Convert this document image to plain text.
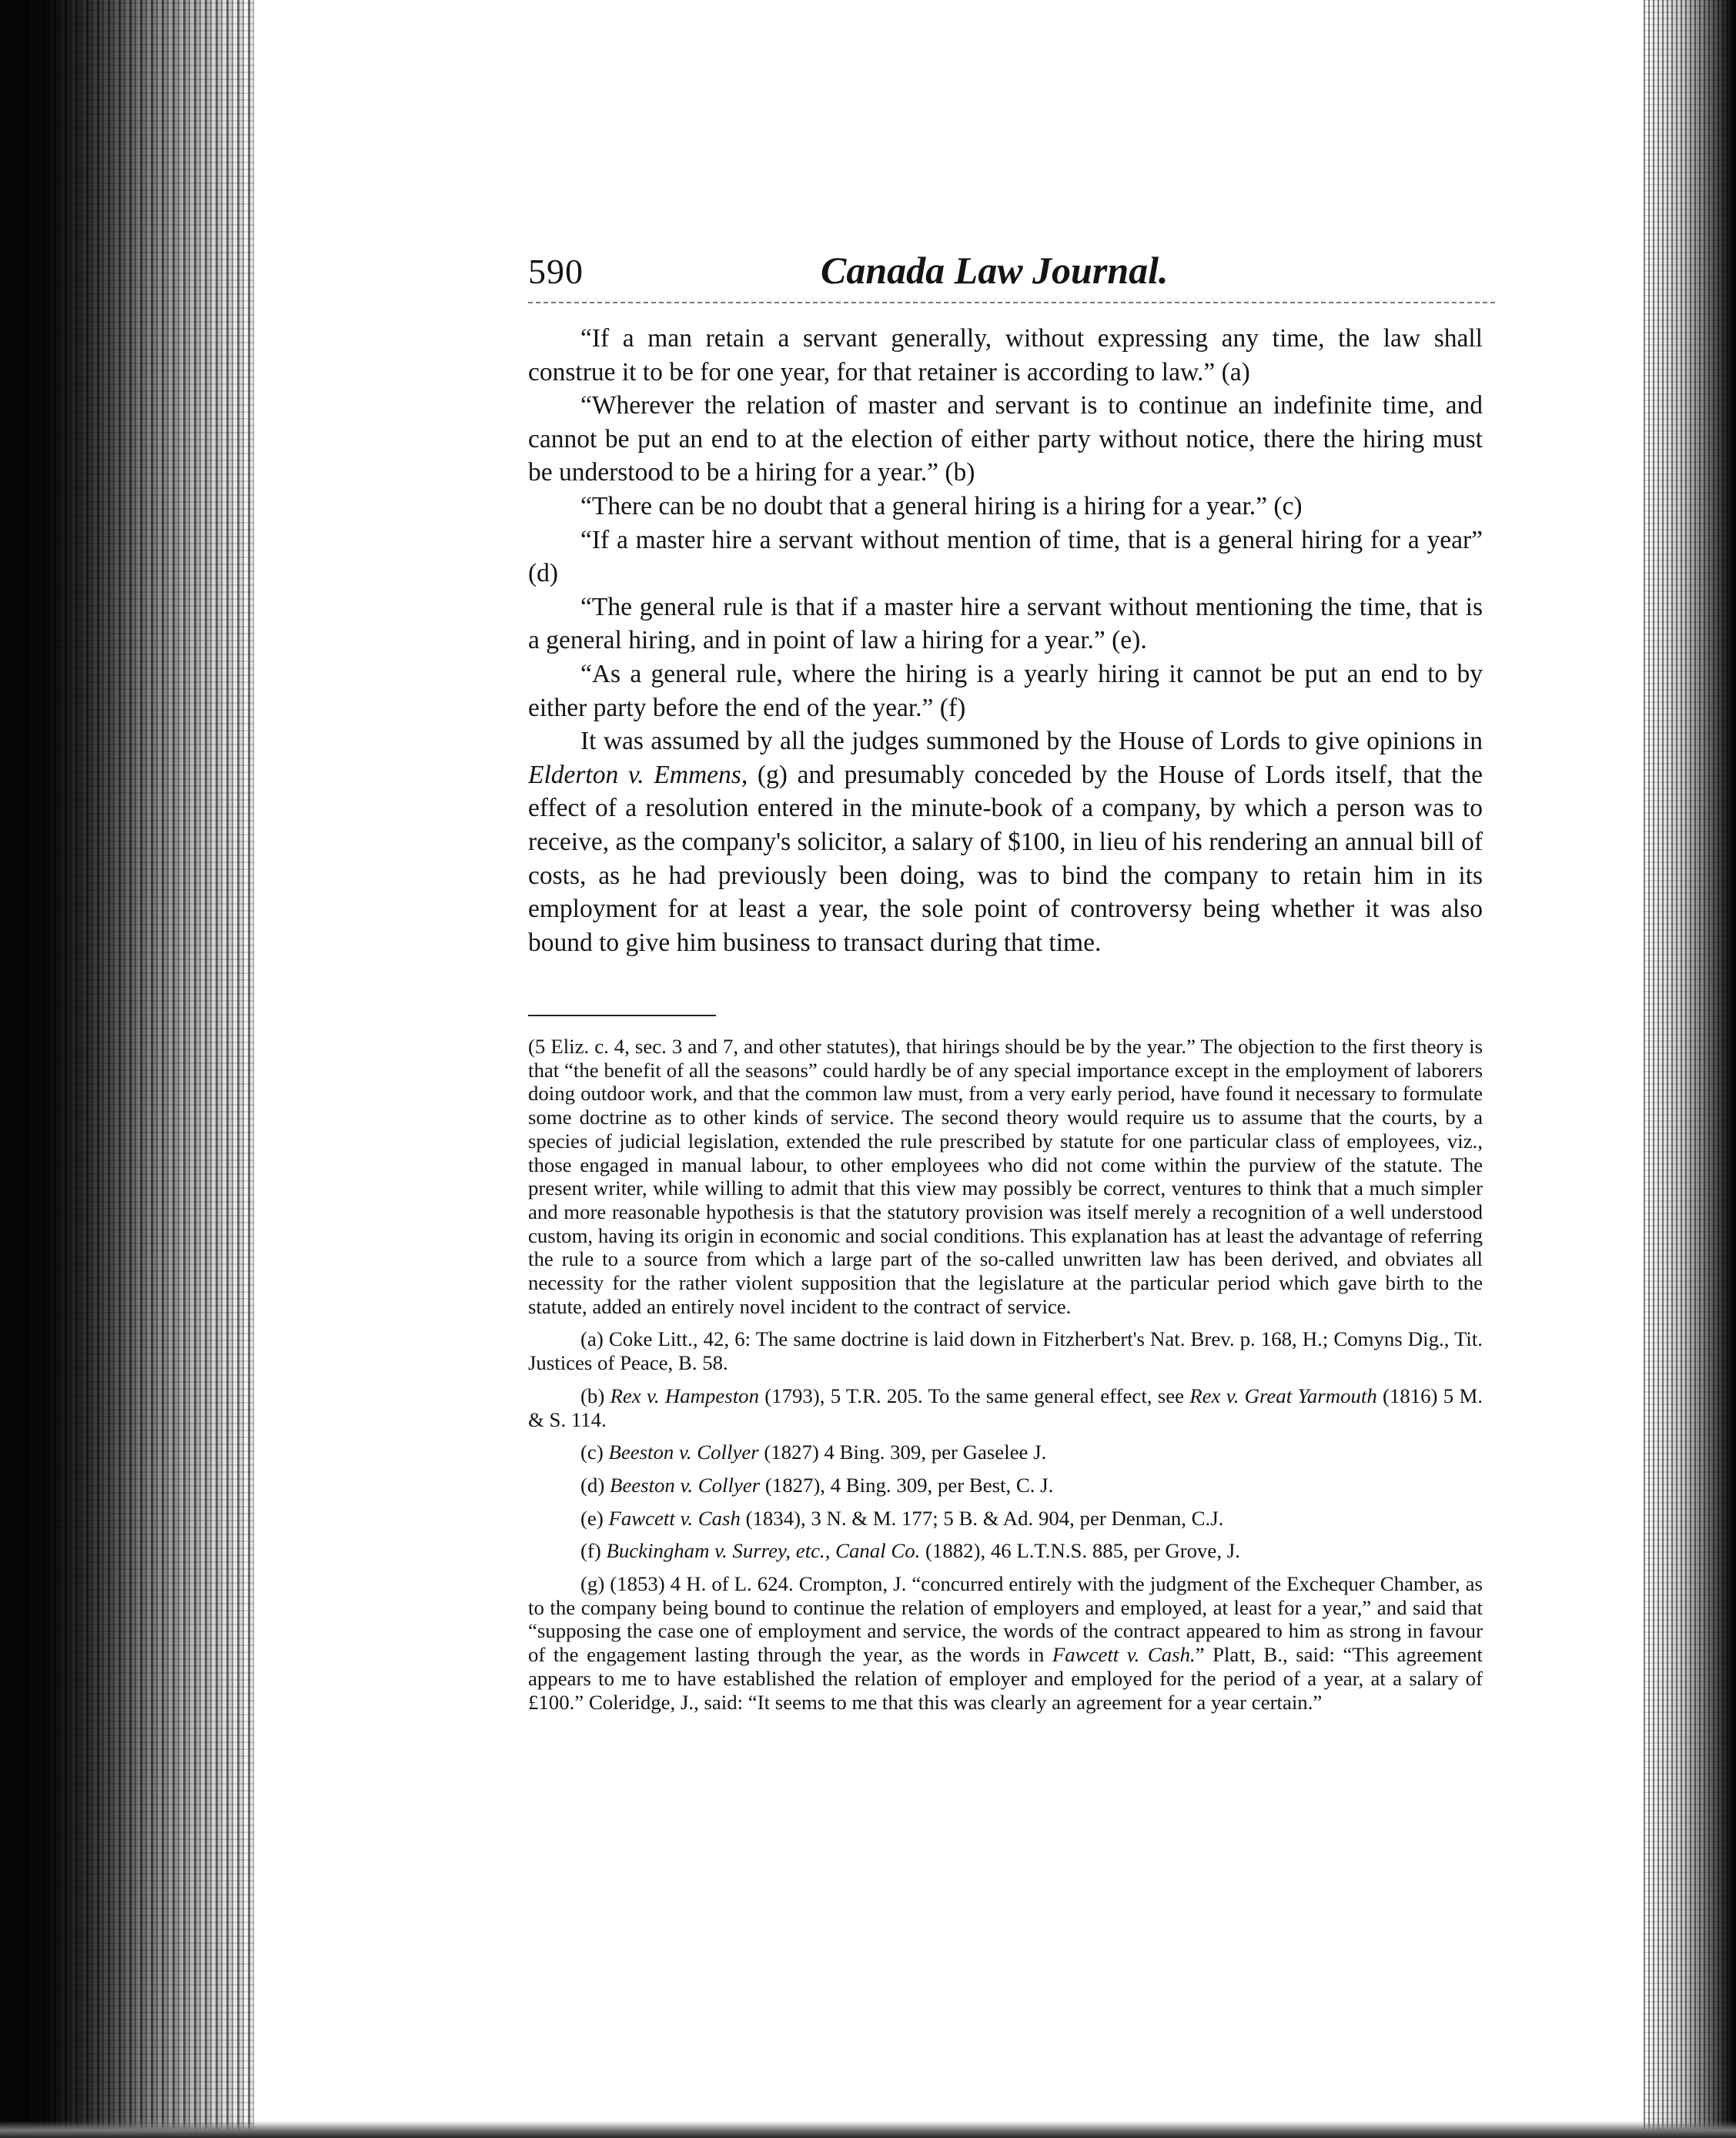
590	Canada Law Journal.

“If a man retain a servant generally, without expressing any time, the law shall construe it to be for one year, for that retainer is according to law.” (a)

“Wherever the relation of master and servant is to continue an indefinite time, and cannot be put an end to at the election of either party without notice, there the hiring must be understood to be a hiring for a year.” (b)

“There can be no doubt that a general hiring is a hiring for a year.” (c)

“If a master hire a servant without mention of time, that is a general hiring for a year” (d)

“The general rule is that if a master hire a servant without mentioning the time, that is a general hiring, and in point of law a hiring for a year.” (e).

“As a general rule, where the hiring is a yearly hiring it cannot be put an end to by either party before the end of the year.” (f)

It was assumed by all the judges summoned by the House of Lords to give opinions in Elderton v. Emmens, (g) and presumably conceded by the House of Lords itself, that the effect of a resolution entered in the minute-book of a company, by which a person was to receive, as the company's solicitor, a salary of $100, in lieu of his rendering an annual bill of costs, as he had previously been doing, was to bind the company to retain him in its employment for at least a year, the sole point of controversy being whether it was also bound to give him business to transact during that time.

(5 Eliz. c. 4, sec. 3 and 7, and other statutes), that hirings should be by the year.” The objection to the first theory is that “the benefit of all the seasons” could hardly be of any special importance except in the employment of laborers doing outdoor work, and that the common law must, from a very early period, have found it necessary to formulate some doctrine as to other kinds of service. The second theory would require us to assume that the courts, by a species of judicial legislation, extended the rule prescribed by statute for one particular class of employees, viz., those engaged in manual labour, to other employees who did not come within the purview of the statute. The present writer, while willing to admit that this view may possibly be correct, ventures to think that a much simpler and more reasonable hypothesis is that the statutory provision was itself merely a recognition of a well understood custom, having its origin in economic and social conditions. This explanation has at least the advantage of referring the rule to a source from which a large part of the so-called unwritten law has been derived, and obviates all necessity for the rather violent supposition that the legislature at the particular period which gave birth to the statute, added an entirely novel incident to the contract of service.

(a) Coke Litt., 42, 6: The same doctrine is laid down in Fitzherbert's Nat. Brev. p. 168, H.; Comyns Dig., Tit. Justices of Peace, B. 58.

(b) Rex v. Hampeston (1793), 5 T.R. 205. To the same general effect, see Rex v. Great Yarmouth (1816) 5 M. & S. 114.

(c) Beeston v. Collyer (1827) 4 Bing. 309, per Gaselee J.

(d) Beeston v. Collyer (1827), 4 Bing. 309, per Best, C. J.

(e) Fawcett v. Cash (1834), 3 N. & M. 177; 5 B. & Ad. 904, per Denman, C.J.

(f) Buckingham v. Surrey, etc., Canal Co. (1882), 46 L.T.N.S. 885, per Grove, J.

(g) (1853) 4 H. of L. 624. Crompton, J. “concurred entirely with the judgment of the Exchequer Chamber, as to the company being bound to continue the relation of employers and employed, at least for a year,” and said that “supposing the case one of employment and service, the words of the contract appeared to him as strong in favour of the engagement lasting through the year, as the words in Fawcett v. Cash.” Platt, B., said: “This agreement appears to me to have established the relation of employer and employed for the period of a year, at a salary of £100.” Coleridge, J., said: “It seems to me that this was clearly an agreement for a year certain.”
